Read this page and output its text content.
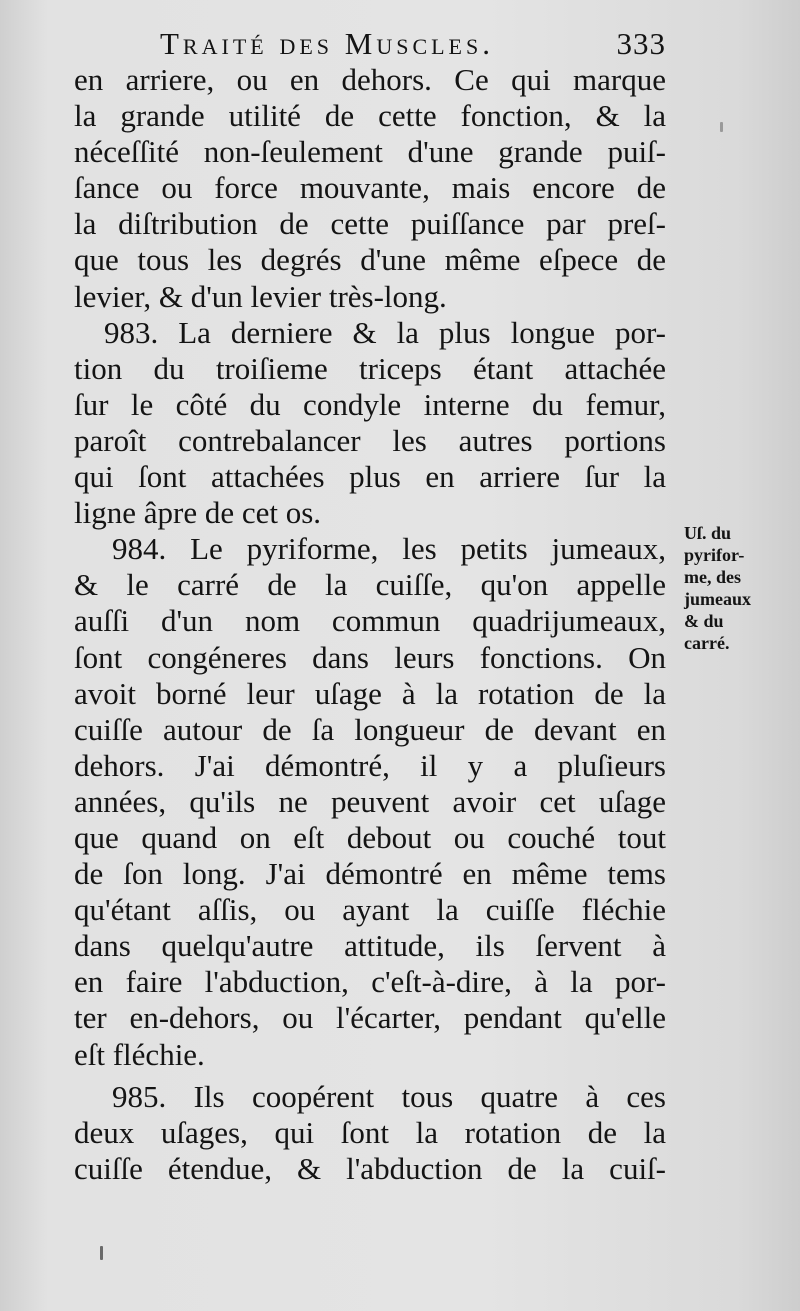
Traité des Muscles.	333
en arriere, ou en dehors. Ce qui marque
la grande utilité de cette fonction, & la
néceſſité non-ſeulement d'une grande puiſ-
ſance ou force mouvante, mais encore de
la diſtribution de cette puiſſance par preſ-
que tous les degrés d'une même eſpece de
levier, & d'un levier très-long.
983. La derniere & la plus longue por-
tion du troiſieme triceps étant attachée
ſur le côté du condyle interne du femur,
paroît contrebalancer les autres portions
qui ſont attachées plus en arriere ſur la
ligne âpre de cet os.
984. Le pyriforme, les petits jumeaux,
& le carré de la cuiſſe, qu'on appelle
auſſi d'un nom commun quadrijumeaux,
ſont congéneres dans leurs fonctions. On
avoit borné leur uſage à la rotation de la
cuiſſe autour de ſa longueur de devant en
dehors. J'ai démontré, il y a pluſieurs
années, qu'ils ne peuvent avoir cet uſage
que quand on eſt debout ou couché tout
de ſon long. J'ai démontré en même tems
qu'étant aſſis, ou ayant la cuiſſe fléchie
dans quelqu'autre attitude, ils ſervent à
en faire l'abduction, c'eſt-à-dire, à la por-
ter en-dehors, ou l'écarter, pendant qu'elle
eſt fléchie.
985. Ils coopérent tous quatre à ces
deux uſages, qui ſont la rotation de la
cuiſſe étendue, & l'abduction de la cuiſ-
Uſ. du
pyrifor-
me, des
jumeaux
& du
carré.
